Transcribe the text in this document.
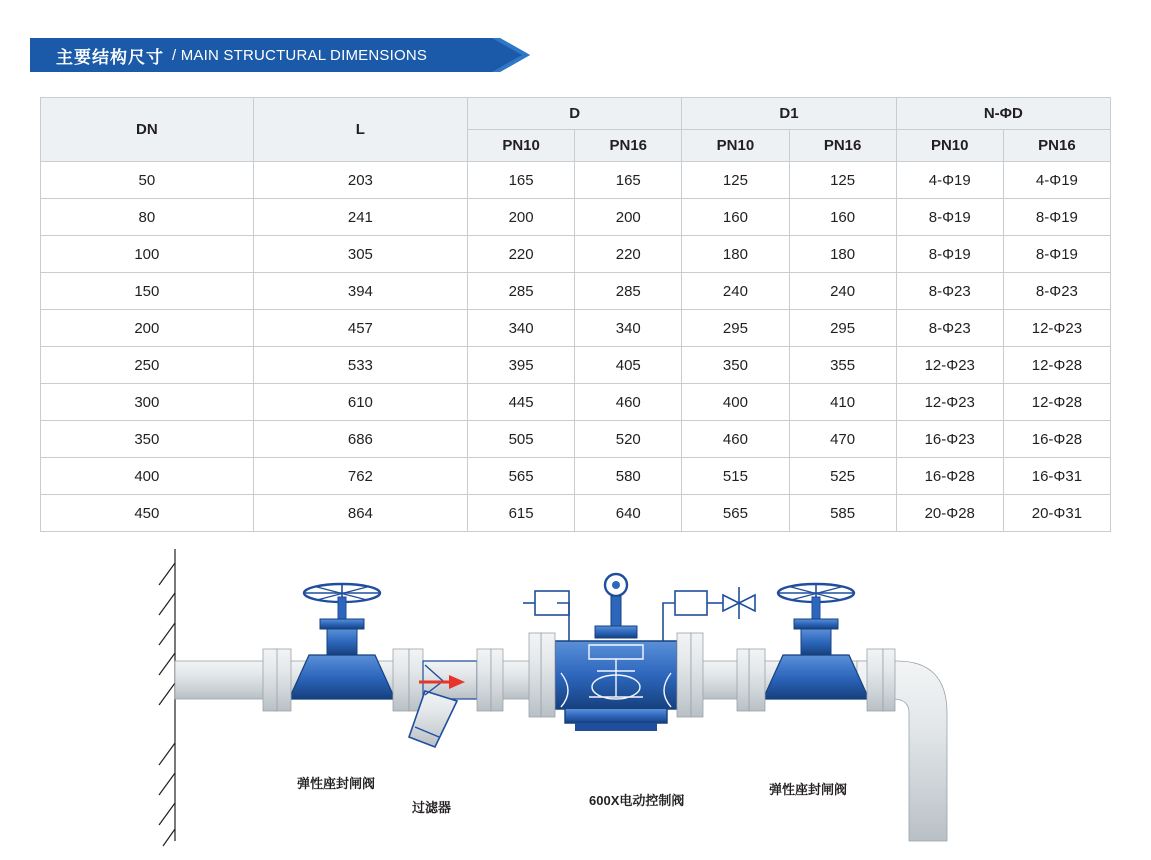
主要结构尺寸 / MAIN STRUCTURAL DIMENSIONS
DN	L	D		D1		N-ΦD	
		PN10	PN16	PN10	PN16	PN10	PN16
50	203	165	165	125	125	4-Φ19	4-Φ19
80	241	200	200	160	160	8-Φ19	8-Φ19
100	305	220	220	180	180	8-Φ19	8-Φ19
150	394	285	285	240	240	8-Φ23	8-Φ23
200	457	340	340	295	295	8-Φ23	12-Φ23
250	533	395	405	350	355	12-Φ23	12-Φ28
300	610	445	460	400	410	12-Φ23	12-Φ28
350	686	505	520	460	470	16-Φ23	16-Φ28
400	762	565	580	515	525	16-Φ28	16-Φ31
450	864	615	640	565	585	20-Φ28	20-Φ31
弹性座封闸阀
过滤器	600X电动控制阀
弹性座封闸阀
